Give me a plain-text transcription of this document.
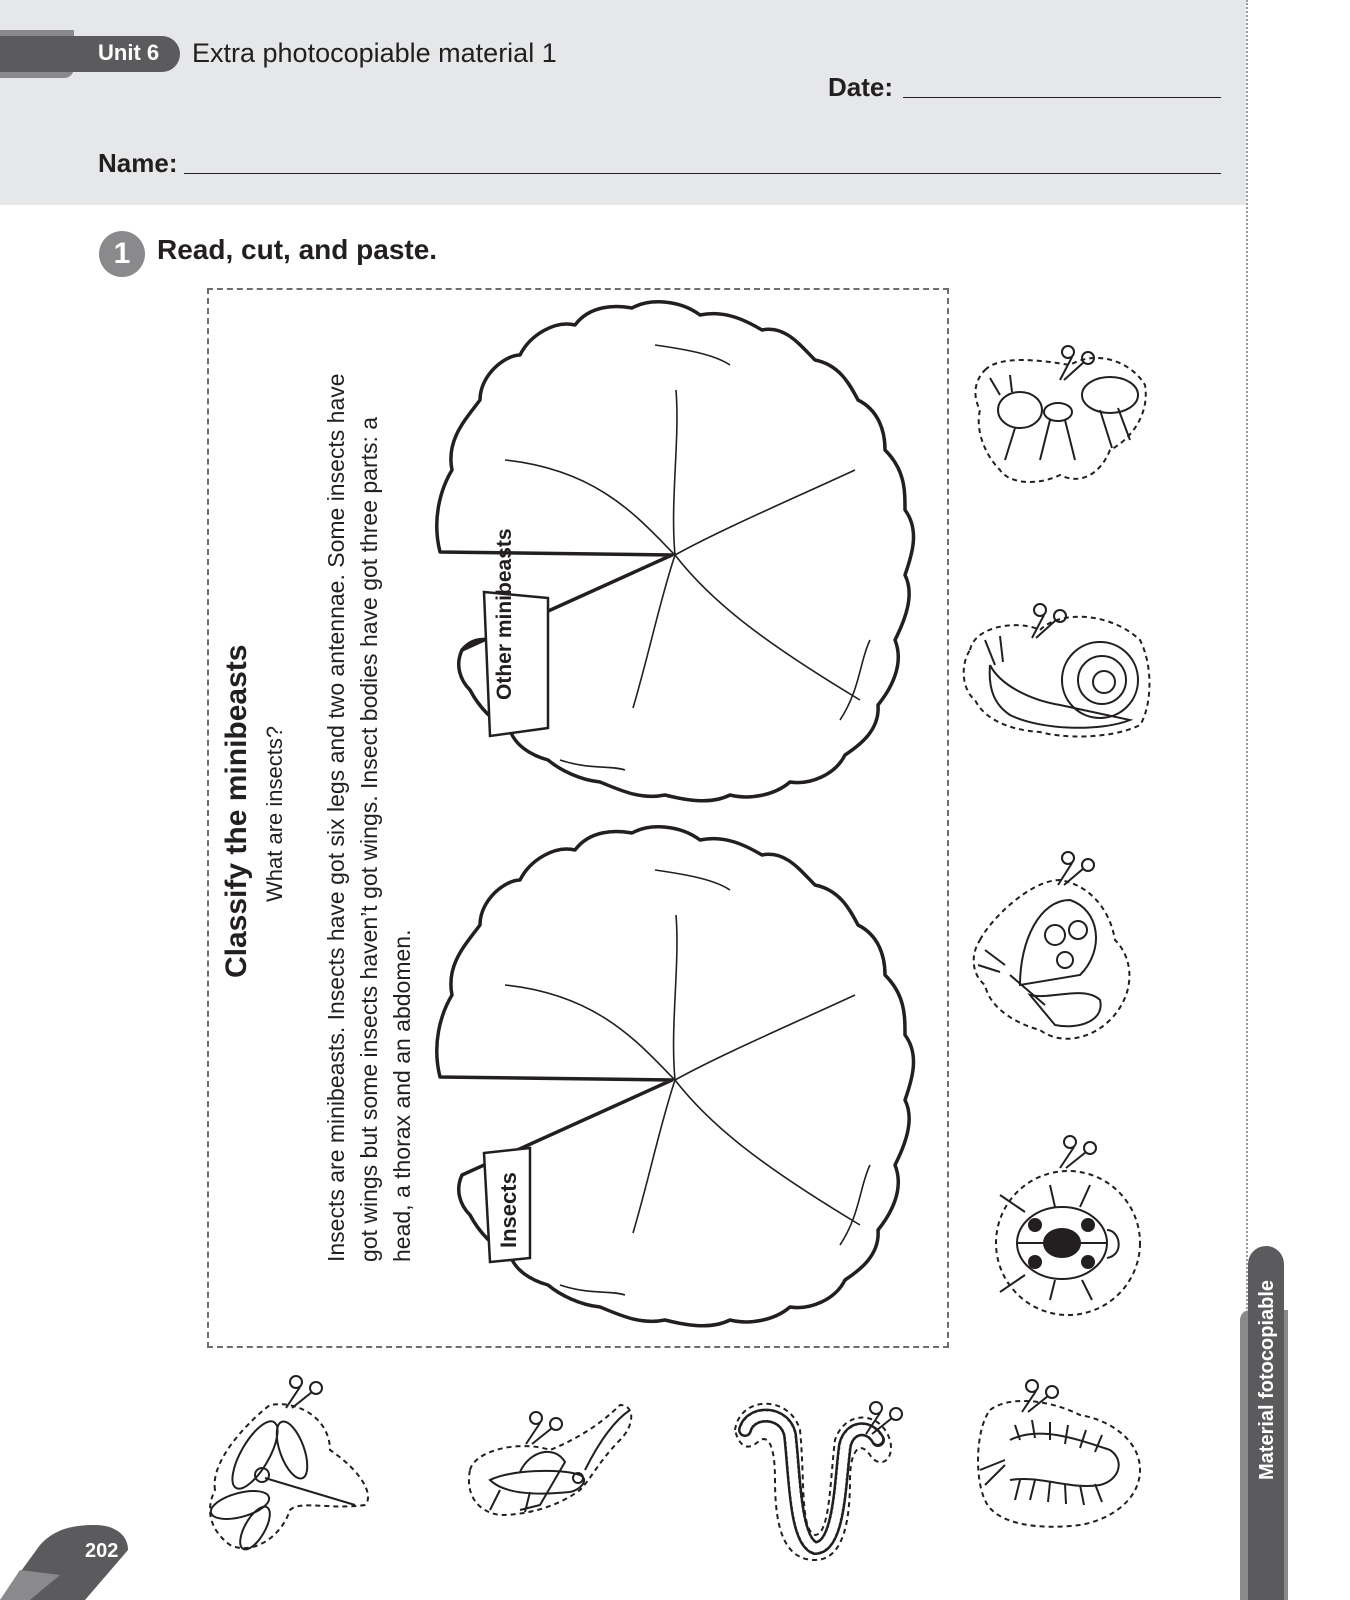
Unit 6 Extra photocopiable material 1
Date:
Name:
1 Read, cut, and paste.
Classify the minibeasts What are insects? Insects are minibeasts. Insects have got six legs and two antennae. Some insects have got wings but some insects haven’t got wings. Insect bodies have got three parts: a head, a thorax and an abdomen.
Other minibeasts
Insects
Material fotocopiable
202
